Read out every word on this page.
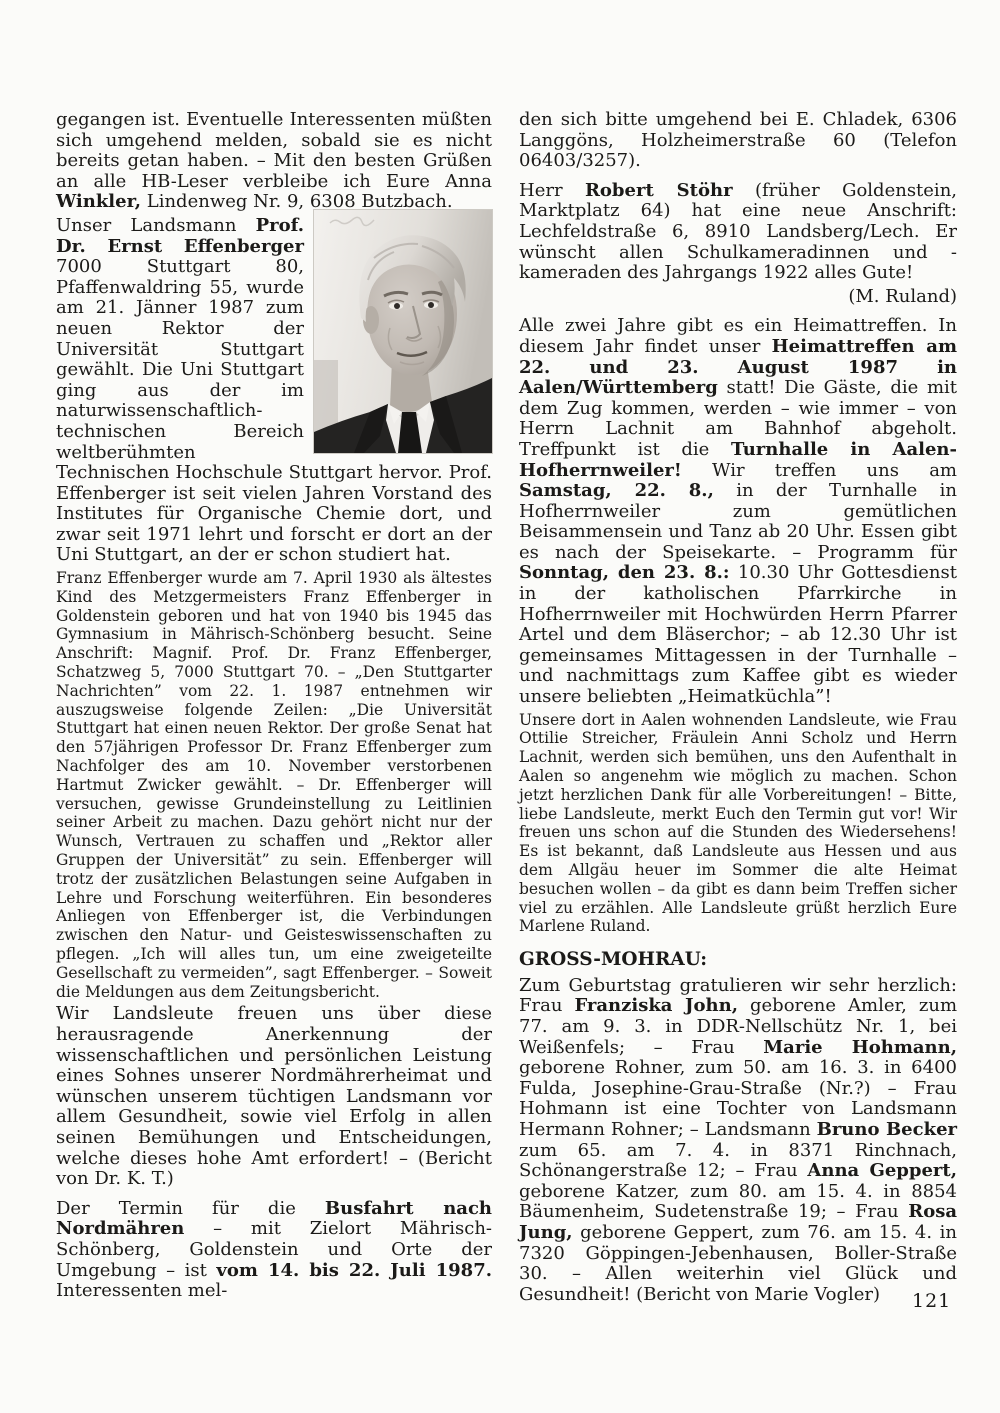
gegangen ist. Eventuelle Interessenten müßten sich umgehend melden, sobald sie es nicht bereits getan haben. – Mit den besten Grüßen an alle HB-Leser verbleibe ich Eure Anna Winkler, Lindenweg Nr. 9, 6308 Butzbach.

Unser Landsmann Prof. Dr. Ernst Effenberger 7000 Stuttgart 80, Pfaffenwaldring 55, wurde am 21. Jänner 1987 zum neuen Rektor der Universität Stuttgart gewählt. Die Uni Stuttgart ging aus der im naturwissenschaftlich-technischen Bereich weltberühmten Technischen Hochschule Stuttgart hervor. Prof. Effenberger ist seit vielen Jahren Vorstand des Institutes für Organische Chemie dort, und zwar seit 1971 lehrt und forscht er dort an der Uni Stuttgart, an der er schon studiert hat.

Franz Effenberger wurde am 7. April 1930 als ältestes Kind des Metzgermeisters Franz Effenberger in Goldenstein geboren und hat von 1940 bis 1945 das Gymnasium in Mährisch-Schönberg besucht. Seine Anschrift: Magnif. Prof. Dr. Franz Effenberger, Schatzweg 5, 7000 Stuttgart 70. – „Den Stuttgarter Nachrichten” vom 22. 1. 1987 entnehmen wir auszugsweise folgende Zeilen: „Die Universität Stuttgart hat einen neuen Rektor. Der große Senat hat den 57jährigen Professor Dr. Franz Effenberger zum Nachfolger des am 10. November verstorbenen Hartmut Zwicker gewählt. – Dr. Effenberger will versuchen, gewisse Grundeinstellung zu Leitlinien seiner Arbeit zu machen. Dazu gehört nicht nur der Wunsch, Vertrauen zu schaffen und „Rektor aller Gruppen der Universität” zu sein. Effenberger will trotz der zusätzlichen Belastungen seine Aufgaben in Lehre und Forschung weiterführen. Ein besonderes Anliegen von Effenberger ist, die Verbindungen zwischen den Natur- und Geisteswissenschaften zu pflegen. „Ich will alles tun, um eine zweigeteilte Gesellschaft zu vermeiden”, sagt Effenberger. – Soweit die Meldungen aus dem Zeitungsbericht.

Wir Landsleute freuen uns über diese herausragende Anerkennung der wissenschaftlichen und persönlichen Leistung eines Sohnes unserer Nordmährerheimat und wünschen unserem tüchtigen Landsmann vor allem Gesundheit, sowie viel Erfolg in allen seinen Bemühungen und Entscheidungen, welche dieses hohe Amt erfordert! – (Bericht von Dr. K. T.)

Der Termin für die Busfahrt nach Nordmähren – mit Zielort Mährisch-Schönberg, Goldenstein und Orte der Umgebung – ist vom 14. bis 22. Juli 1987. Interessenten mel-

den sich bitte umgehend bei E. Chladek, 6306 Langgöns, Holzheimerstraße 60 (Telefon 06403/3257).

Herr Robert Stöhr (früher Goldenstein, Marktplatz 64) hat eine neue Anschrift: Lechfeldstraße 6, 8910 Landsberg/Lech. Er wünscht allen Schulkameradinnen und -kameraden des Jahrgangs 1922 alles Gute!

(M. Ruland)

Alle zwei Jahre gibt es ein Heimattreffen. In diesem Jahr findet unser Heimattreffen am 22. und 23. August 1987 in Aalen/Württemberg statt! Die Gäste, die mit dem Zug kommen, werden – wie immer – von Herrn Lachnit am Bahnhof abgeholt. Treffpunkt ist die Turnhalle in Aalen-Hofherrnweiler! Wir treffen uns am Samstag, 22. 8., in der Turnhalle in Hofherrnweiler zum gemütlichen Beisammensein und Tanz ab 20 Uhr. Essen gibt es nach der Speisekarte. – Programm für Sonntag, den 23. 8.: 10.30 Uhr Gottesdienst in der katholischen Pfarrkirche in Hofherrnweiler mit Hochwürden Herrn Pfarrer Artel und dem Bläserchor; – ab 12.30 Uhr ist gemeinsames Mittagessen in der Turnhalle – und nachmittags zum Kaffee gibt es wieder unsere beliebten „Heimatküchla”!

Unsere dort in Aalen wohnenden Landsleute, wie Frau Ottilie Streicher, Fräulein Anni Scholz und Herrn Lachnit, werden sich bemühen, uns den Aufenthalt in Aalen so angenehm wie möglich zu machen. Schon jetzt herzlichen Dank für alle Vorbereitungen! – Bitte, liebe Landsleute, merkt Euch den Termin gut vor! Wir freuen uns schon auf die Stunden des Wiedersehens! Es ist bekannt, daß Landsleute aus Hessen und aus dem Allgäu heuer im Sommer die alte Heimat besuchen wollen – da gibt es dann beim Treffen sicher viel zu erzählen. Alle Landsleute grüßt herzlich Eure Marlene Ruland.

GROSS-MOHRAU:

Zum Geburtstag gratulieren wir sehr herzlich: Frau Franziska John, geborene Amler, zum 77. am 9. 3. in DDR-Nellschütz Nr. 1, bei Weißenfels; – Frau Marie Hohmann, geborene Rohner, zum 50. am 16. 3. in 6400 Fulda, Josephine-Grau-Straße (Nr.?) – Frau Hohmann ist eine Tochter von Landsmann Hermann Rohner; – Landsmann Bruno Becker zum 65. am 7. 4. in 8371 Rinchnach, Schönangerstraße 12; – Frau Anna Geppert, geborene Katzer, zum 80. am 15. 4. in 8854 Bäumenheim, Sudetenstraße 19; – Frau Rosa Jung, geborene Geppert, zum 76. am 15. 4. in 7320 Göppingen-Jebenhausen, Boller-Straße 30. – Allen weiterhin viel Glück und Gesundheit! (Bericht von Marie Vogler)	121
